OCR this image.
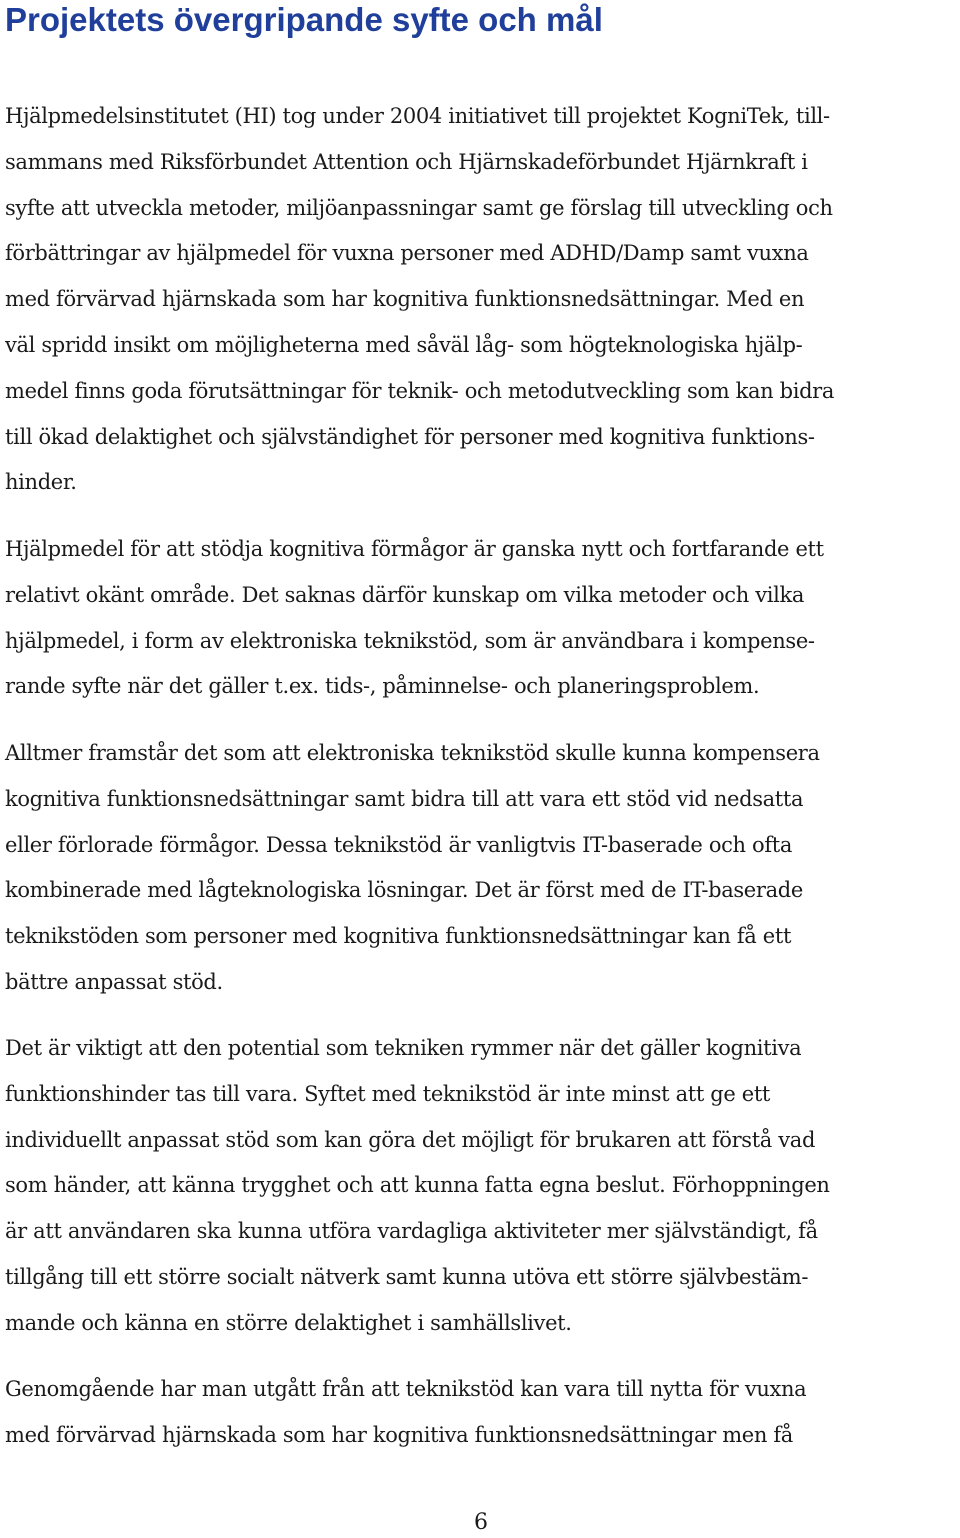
Projektets övergripande syfte och mål
Hjälpmedelsinstitutet (HI) tog under 2004 initiativet till projektet KogniTek, till-
sammans med Riksförbundet Attention och Hjärnskadeförbundet Hjärnkraft i
syfte att utveckla metoder, miljöanpassningar samt ge förslag till utveckling och
förbättringar av hjälpmedel för vuxna personer med ADHD/Damp samt vuxna
med förvärvad hjärnskada som har kognitiva funktionsnedsättningar. Med en
väl spridd insikt om möjligheterna med såväl låg- som högteknologiska hjälp-
medel finns goda förutsättningar för teknik- och metodutveckling som kan bidra
till ökad delaktighet och självständighet för personer med kognitiva funktions-
hinder.
Hjälpmedel för att stödja kognitiva förmågor är ganska nytt och fortfarande ett
relativt okänt område. Det saknas därför kunskap om vilka metoder och vilka
hjälpmedel, i form av elektroniska teknikstöd, som är användbara i kompense-
rande syfte när det gäller t.ex. tids-, påminnelse- och planeringsproblem.
Alltmer framstår det som att elektroniska teknikstöd skulle kunna kompensera
kognitiva funktionsnedsättningar samt bidra till att vara ett stöd vid nedsatta
eller förlorade förmågor. Dessa teknikstöd är vanligtvis IT-baserade och ofta
kombinerade med lågteknologiska lösningar. Det är först med de IT-baserade
teknikstöden som personer med kognitiva funktionsnedsättningar kan få ett
bättre anpassat stöd.
Det är viktigt att den potential som tekniken rymmer när det gäller kognitiva
funktionshinder tas till vara. Syftet med teknikstöd är inte minst att ge ett
individuellt anpassat stöd som kan göra det möjligt för brukaren att förstå vad
som händer, att känna trygghet och att kunna fatta egna beslut. Förhoppningen
är att användaren ska kunna utföra vardagliga aktiviteter mer självständigt, få
tillgång till ett större socialt nätverk samt kunna utöva ett större självbestäm-
mande och känna en större delaktighet i samhällslivet.
Genomgående har man utgått från att teknikstöd kan vara till nytta för vuxna
med förvärvad hjärnskada som har kognitiva funktionsnedsättningar men få
6
